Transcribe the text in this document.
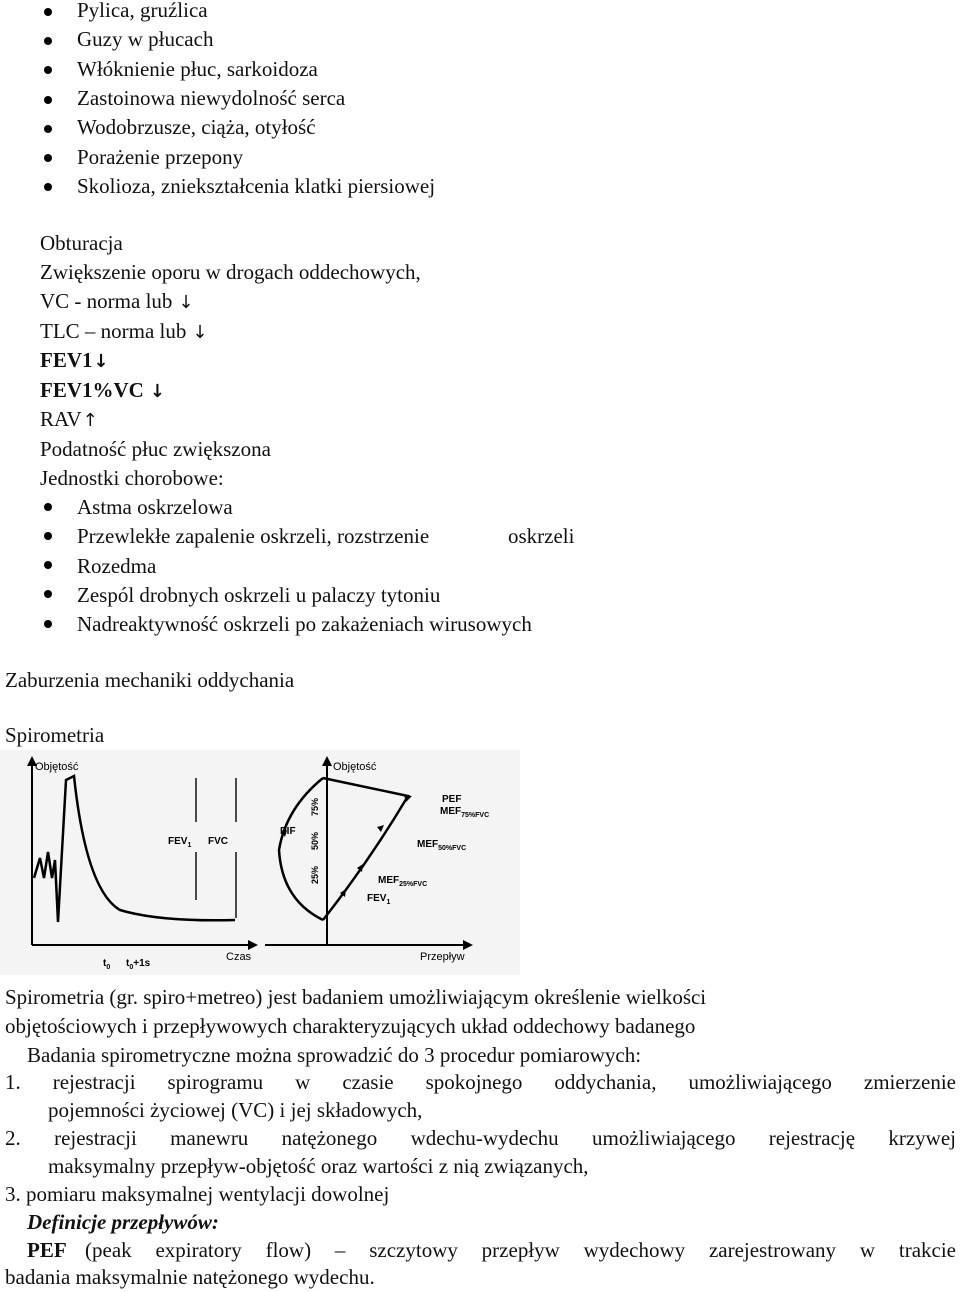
Pylica, gruźlica
Guzy w płucach
Włóknienie płuc, sarkoidoza
Zastoinowa niewydolność serca
Wodobrzusze, ciąża, otyłość
Porażenie przepony
Skolioza, zniekształcenia klatki piersiowej
Obturacja
Zwiększenie oporu w drogach oddechowych,
VC - norma lub ↓
TLC – norma lub ↓
FEV1↓
FEV1%VC ↓
RAV↑
Podatność płuc zwiększona
Jednostki chorobowe:
Astma oskrzelowa
Przewlekłe zapalenie oskrzeli, rozstrzenie	oskrzeli
Rozedma
Zespól drobnych oskrzeli u palaczy tytoniu
Nadreaktywność oskrzeli po zakażeniach wirusowych
Zaburzenia mechaniki oddychania
Spirometria
Objętość
Czas
$FEV_1$ FVC
$t_0$ $t_0+1s$
Objętość
Przepływ
PEF
$MEF_{75\%FVC}$
$MEF_{50\%FVC}$
$MEF_{25\%FVC}$
$FEV_1$
PIF
75%
50%
25%
Spirometria (gr. spiro+metreo) jest badaniem umożliwiającym określenie wielkości
objętościowych i przepływowych charakteryzujących układ oddechowy badanego
Badania spirometryczne można sprowadzić do 3 procedur pomiarowych:
1. rejestracji spirogramu w czasie spokojnego oddychania, umożliwiającego zmierzenie
pojemności życiowej (VC) i jej składowych,
2. rejestracji manewru natężonego wdechu-wydechu umożliwiającego rejestrację krzywej
maksymalny przepływ-objętość oraz wartości z nią związanych,
3. pomiaru maksymalnej wentylacji dowolnej
Definicje przepływów:
PEF (peak expiratory flow) – szczytowy przepływ wydechowy zarejestrowany w trakcie
badania maksymalnie natężonego wydechu.
